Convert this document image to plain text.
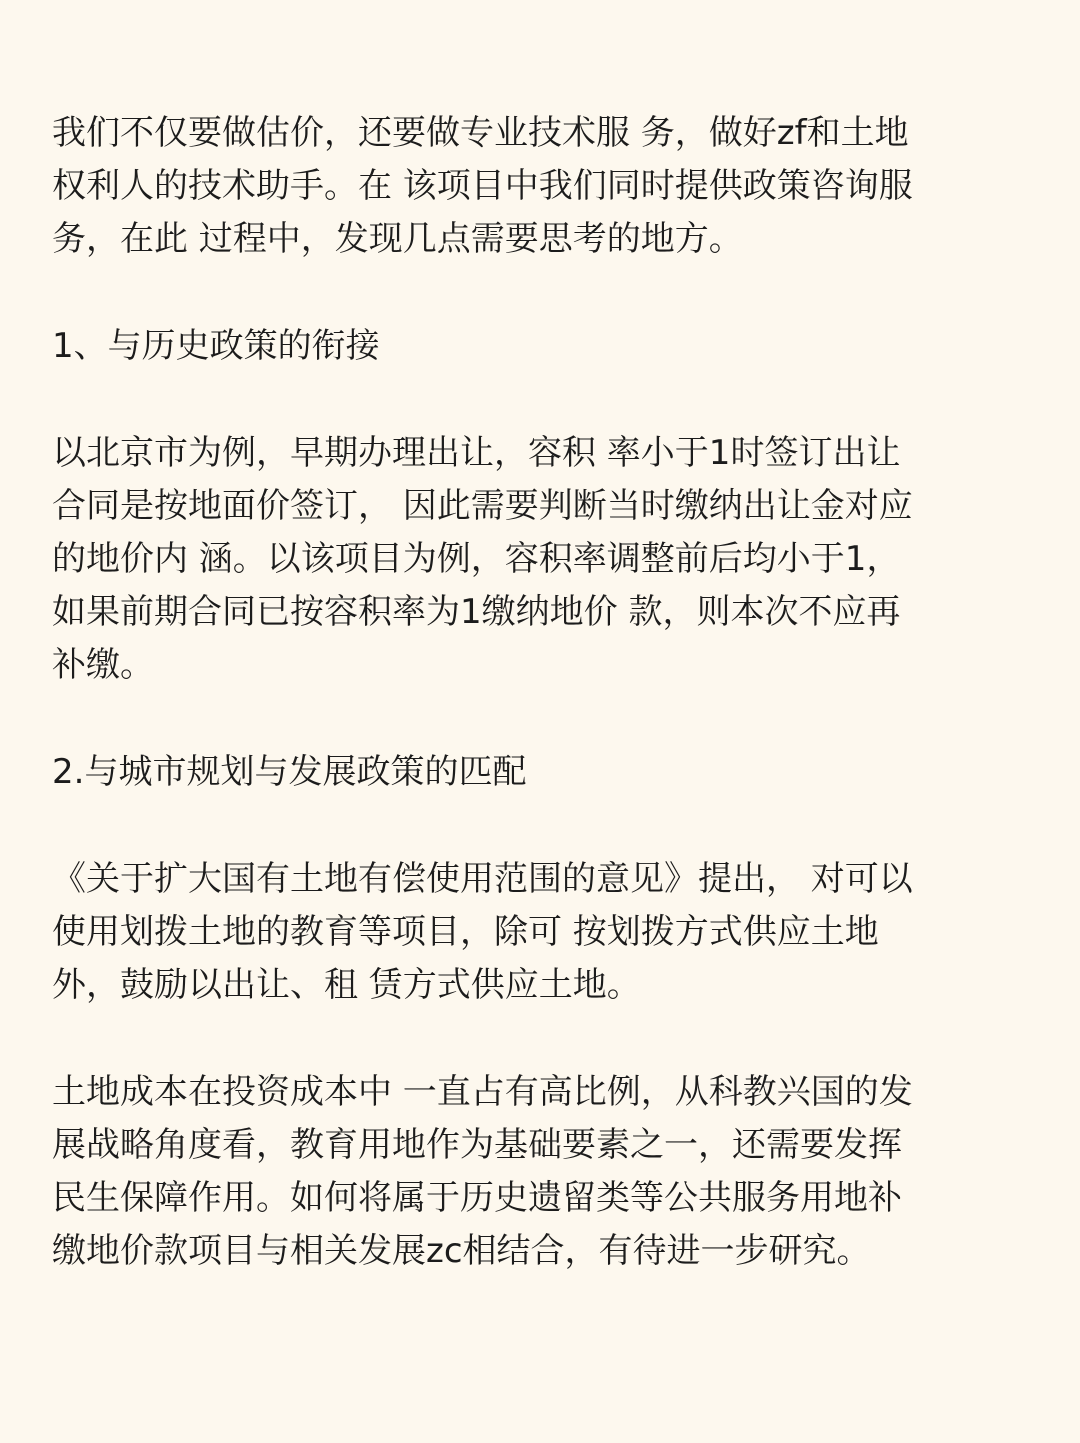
我们不仅要做估价，还要做专业技术服 务，做好zf和土地
权利人的技术助手。在 该项目中我们同时提供政策咨询服
务，在此 过程中，发现几点需要思考的地方。

1、与历史政策的衔接

以北京市为例，早期办理出让，容积 率小于1时签订出让
合同是按地面价签订， 因此需要判断当时缴纳出让金对应
的地价内 涵。以该项目为例，容积率调整前后均小于1，
如果前期合同已按容积率为1缴纳地价 款，则本次不应再
补缴。

2.与城市规划与发展政策的匹配

《关于扩大国有土地有偿使用范围的意见》提出， 对可以
使用划拨土地的教育等项目，除可 按划拨方式供应土地
外，鼓励以出让、租 赁方式供应土地。

土地成本在投资成本中 一直占有高比例，从科教兴国的发
展战略角度看，教育用地作为基础要素之一，还需要发挥
民生保障作用。如何将属于历史遗留类等公共服务用地补
缴地价款项目与相关发展zc相结合，有待进一步研究。
